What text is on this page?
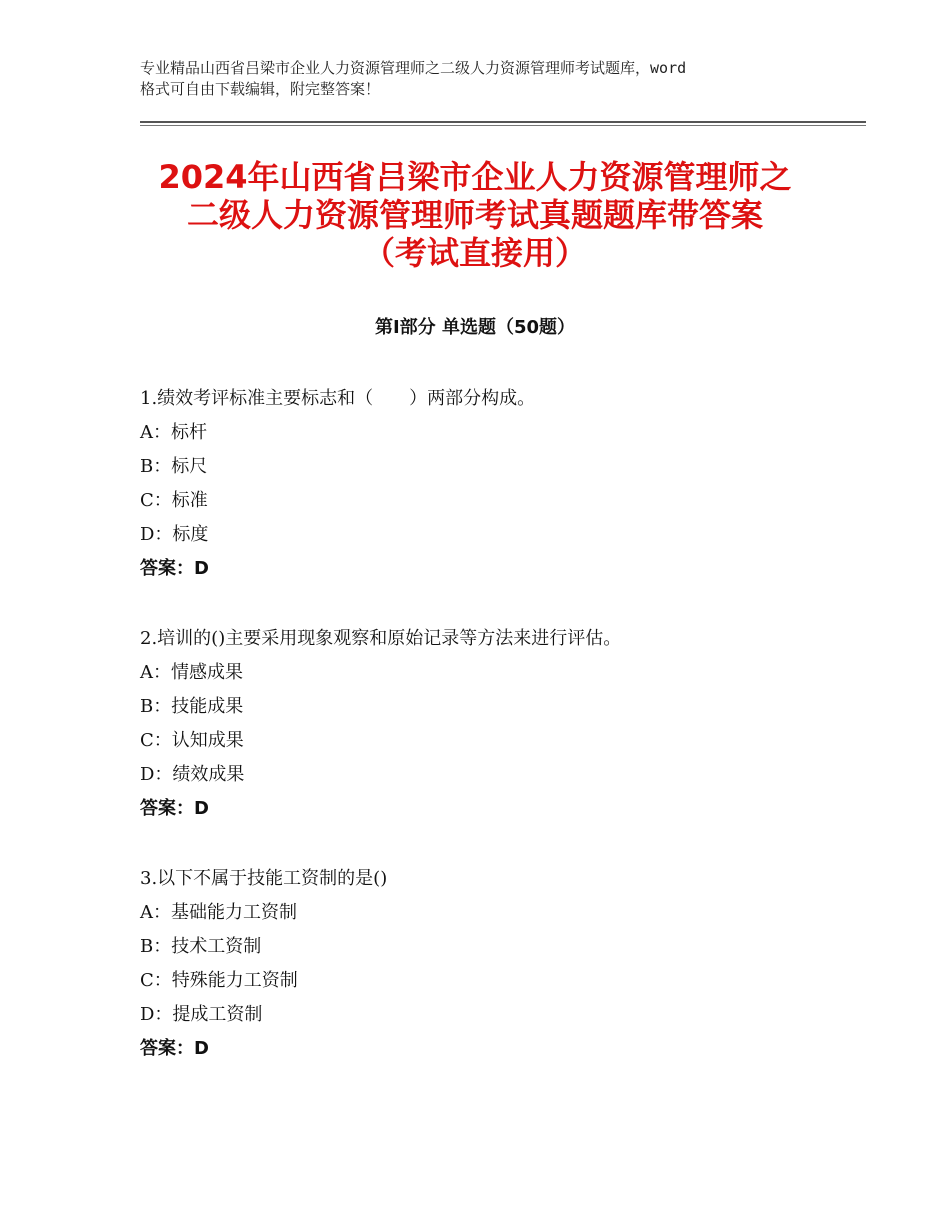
专业精品山西省吕梁市企业人力资源管理师之二级人力资源管理师考试题库，word
格式可自由下载编辑，附完整答案！
2024年山西省吕梁市企业人力资源管理师之
二级人力资源管理师考试真题题库带答案
（考试直接用）
第Ⅰ部分 单选题（50题）
1.绩效考评标准主要标志和（　　）两部分构成。
A：标杆
B：标尺
C：标准
D：标度
答案：D
2.培训的()主要采用现象观察和原始记录等方法来进行评估。
A：情感成果
B：技能成果
C：认知成果
D：绩效成果
答案：D
3.以下不属于技能工资制的是()
A：基础能力工资制
B：技术工资制
C：特殊能力工资制
D：提成工资制
答案：D
